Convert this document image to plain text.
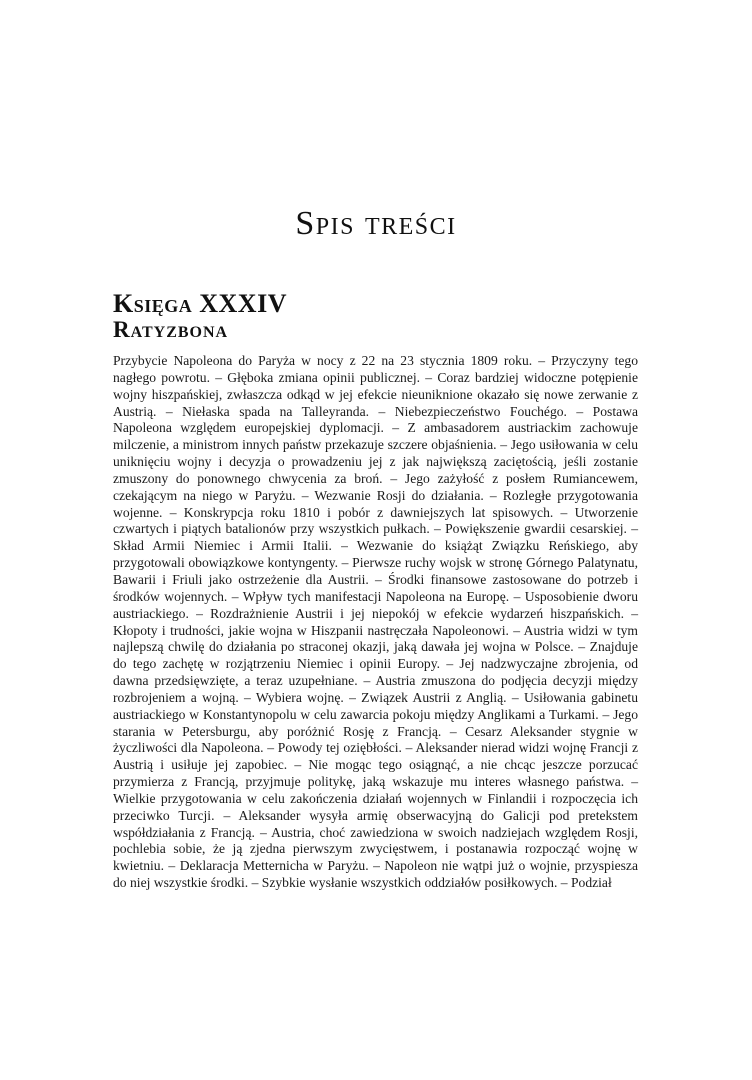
Spis treści
Księga XXXIV
Ratyzbona

Przybycie Napoleona do Paryża w nocy z 22 na 23 stycznia 1809 roku. – Przyczyny tego nagłego powrotu. – Głęboka zmiana opinii publicznej. – Coraz bardziej widoczne potępienie wojny hiszpańskiej, zwłaszcza odkąd w jej efekcie nieuniknione okazało się nowe zerwanie z Austrią. – Niełaska spada na Talleyranda. – Niebezpieczeństwo Fouchégo. – Postawa Napoleona względem europejskiej dyplomacji. – Z ambasadorem austriackim zachowuje milczenie, a ministrom innych państw przekazuje szczere objaśnienia. – Jego usiłowania w celu uniknięciu wojny i decyzja o prowadzeniu jej z jak największą zaciętością, jeśli zostanie zmuszony do ponownego chwycenia za broń. – Jego zażyłość z posłem Rumiancewem, czekającym na niego w Paryżu. – Wezwanie Rosji do działania. – Rozległe przygotowania wojenne. – Konskrypcja roku 1810 i pobór z dawniejszych lat spisowych. – Utworzenie czwartych i piątych batalionów przy wszystkich pułkach. – Powiększenie gwardii cesarskiej. – Skład Armii Niemiec i Armii Italii. – Wezwanie do książąt Związku Reńskiego, aby przygotowali obowiązkowe kontyngenty. – Pierwsze ruchy wojsk w stronę Górnego Palatynatu, Bawarii i Friuli jako ostrzeżenie dla Austrii. – Środki finansowe zastosowane do potrzeb i środków wojennych. – Wpływ tych manifestacji Napoleona na Europę. – Usposobienie dworu austriackiego. – Rozdrażnienie Austrii i jej niepokój w efekcie wydarzeń hiszpańskich. – Kłopoty i trudności, jakie wojna w Hiszpanii nastręczała Napoleonowi. – Austria widzi w tym najlepszą chwilę do działania po straconej okazji, jaką dawała jej wojna w Polsce. – Znajduje do tego zachętę w rozjątrzeniu Niemiec i opinii Europy. – Jej nadzwyczajne zbrojenia, od dawna przedsięwzięte, a teraz uzupełniane. – Austria zmuszona do podjęcia decyzji między rozbrojeniem a wojną. – Wybiera wojnę. – Związek Austrii z Anglią. – Usiłowania gabinetu austriackiego w Konstantynopolu w celu zawarcia pokoju między Anglikami a Turkami. – Jego starania w Petersburgu, aby poróżnić Rosję z Francją. – Cesarz Aleksander stygnie w życzliwości dla Napoleona. – Powody tej oziębłości. – Aleksander nierad widzi wojnę Francji z Austrią i usiłuje jej zapobiec. – Nie mogąc tego osiągnąć, a nie chcąc jeszcze porzucać przymierza z Francją, przyjmuje politykę, jaką wskazuje mu interes własnego państwa. – Wielkie przygotowania w celu zakończenia działań wojennych w Finlandii i rozpoczęcia ich przeciwko Turcji. – Aleksander wysyła armię obserwacyjną do Galicji pod pretekstem współdziałania z Francją. – Austria, choć zawiedziona w swoich nadziejach względem Rosji, pochlebia sobie, że ją zjedna pierwszym zwycięstwem, i postanawia rozpocząć wojnę w kwietniu. – Deklaracja Metternicha w Paryżu. – Napoleon nie wątpi już o wojnie, przyspiesza do niej wszystkie środki. – Szybkie wysłanie wszystkich oddziałów posiłkowych. – Podział
